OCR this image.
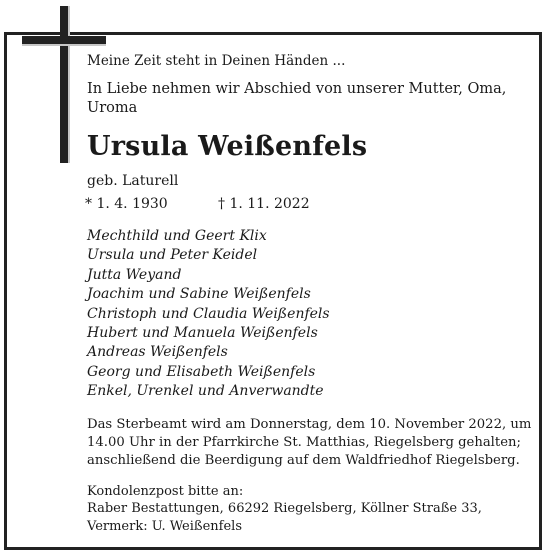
Meine Zeit steht in Deinen Händen ...

In Liebe nehmen wir Abschied von unserer Mutter, Oma, Uroma

Ursula Weißenfels

geb. Laturell

* 1. 4. 1930	† 1. 11. 2022
Mechthild und Geert Klix
Ursula und Peter Keidel
Jutta Weyand
Joachim und Sabine Weißenfels
Christoph und Claudia Weißenfels
Hubert und Manuela Weißenfels
Andreas Weißenfels
Georg und Elisabeth Weißenfels
Enkel, Urenkel und Anverwandte

Das Sterbeamt wird am Donnerstag, dem 10. November 2022, um 14.00 Uhr in der Pfarrkirche St. Matthias, Riegelsberg gehalten; anschließend die Beerdigung auf dem Waldfriedhof Riegelsberg.

Kondolenzpost bitte an:
Raber Bestattungen, 66292 Riegelsberg, Köllner Straße 33,
Vermerk: U. Weißenfels
